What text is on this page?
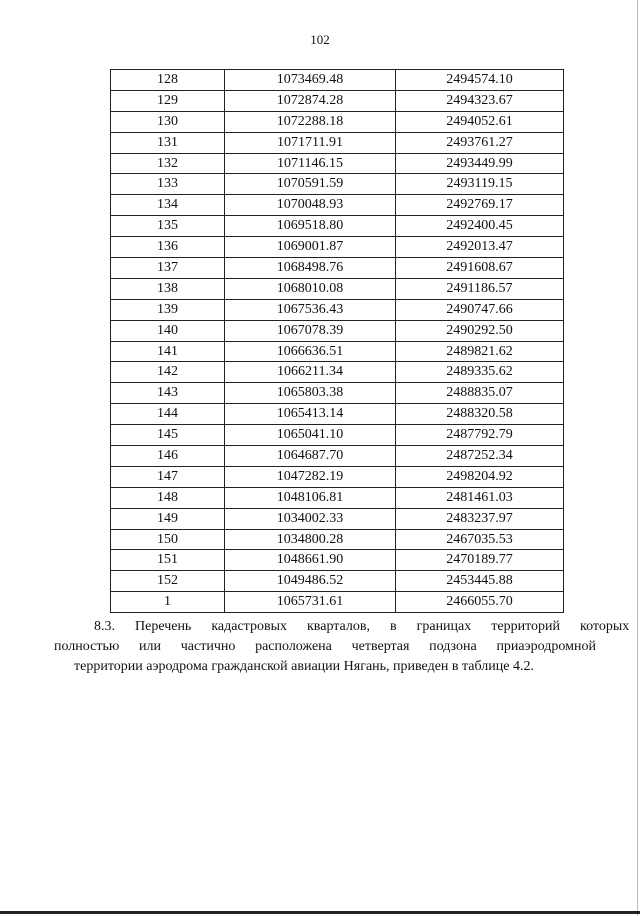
102
128	1073469.48	2494574.10
129	1072874.28	2494323.67
130	1072288.18	2494052.61
131	1071711.91	2493761.27
132	1071146.15	2493449.99
133	1070591.59	2493119.15
134	1070048.93	2492769.17
135	1069518.80	2492400.45
136	1069001.87	2492013.47
137	1068498.76	2491608.67
138	1068010.08	2491186.57
139	1067536.43	2490747.66
140	1067078.39	2490292.50
141	1066636.51	2489821.62
142	1066211.34	2489335.62
143	1065803.38	2488835.07
144	1065413.14	2488320.58
145	1065041.10	2487792.79
146	1064687.70	2487252.34
147	1047282.19	2498204.92
148	1048106.81	2481461.03
149	1034002.33	2483237.97
150	1034800.28	2467035.53
151	1048661.90	2470189.77
152	1049486.52	2453445.88
1	1065731.61	2466055.70
8.3.	Перечень	кадастровых	кварталов,	в	границах	территорий	которых
полностью или частично расположена четвертая подзона приаэродромной
территории аэродрома гражданской авиации Нягань, приведен в таблице 4.2.
